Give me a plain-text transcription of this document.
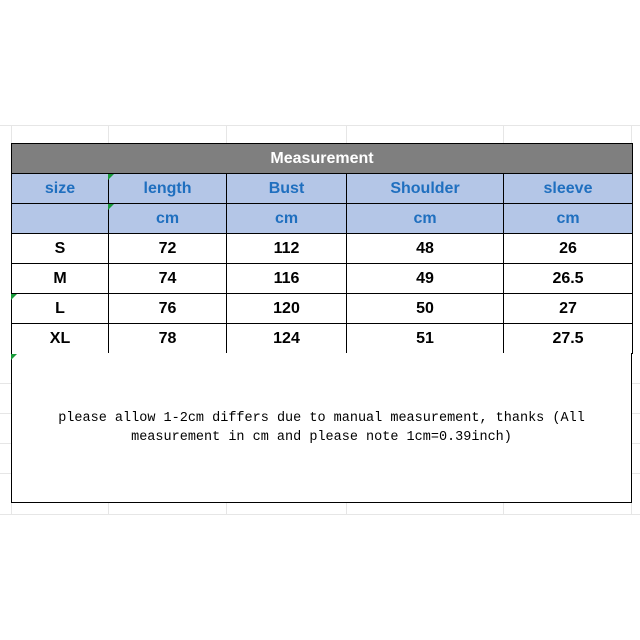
Measurement				
size	length	Bust	Shoulder	sleeve
	cm	cm	cm	cm
S	72	112	48	26
M	74	116	49	26.5
L	76	120	50	27
XL	78	124	51	27.5
please allow 1-2cm differs due to manual measurement, thanks (All
measurement in cm and please note 1cm=0.39inch)
